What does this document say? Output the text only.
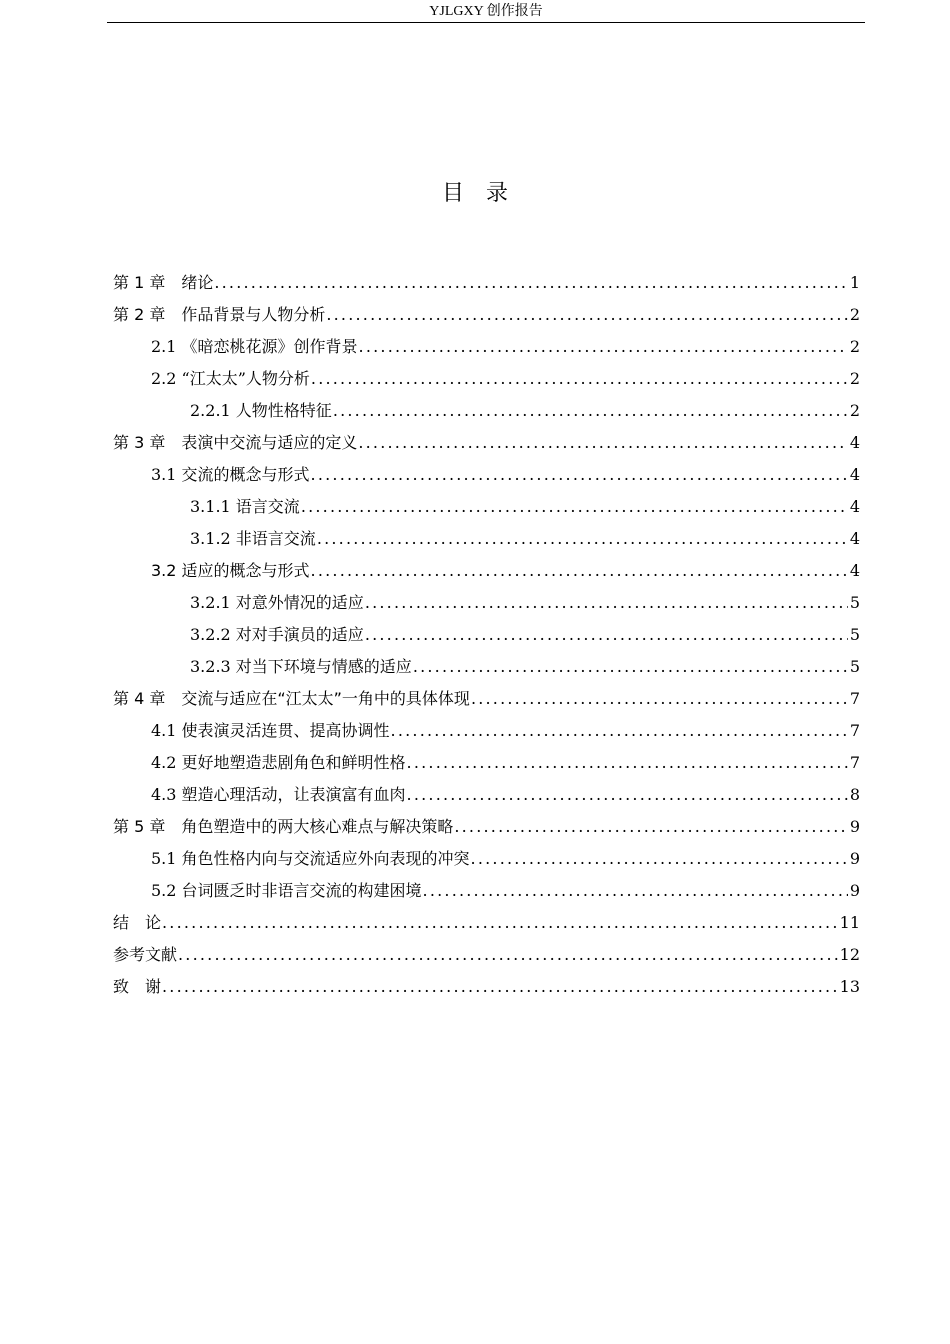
YJLGXY 创作报告
目　录
第 1 章　绪论 .....	1
第 2 章　作品背景与人物分析 .....	2
2.1 《暗恋桃花源》创作背景 .....	2
2.2 “江太太”人物分析 .....	2
2.2.1 人物性格特征 .....	2
第 3 章　表演中交流与适应的定义 .....	4
3.1 交流的概念与形式 .....	4
3.1.1 语言交流 .....	4
3.1.2 非语言交流 .....	4
3.2 适应的概念与形式 .....	4
3.2.1 对意外情况的适应 .....	5
3.2.2 对对手演员的适应 .....	5
3.2.3 对当下环境与情感的适应 .....	5
第 4 章　交流与适应在“江太太”一角中的具体体现 .....	7
4.1 使表演灵活连贯、提高协调性 .....	7
4.2 更好地塑造悲剧角色和鲜明性格 .....	7
4.3 塑造心理活动，让表演富有血肉 .....	8
第 5 章　角色塑造中的两大核心难点与解决策略 .....	9
5.1 角色性格内向与交流适应外向表现的冲突 .....	9
5.2 台词匮乏时非语言交流的构建困境 .....	9
结　论 .....	11
参考文献 .....	12
致　谢 .....	13
